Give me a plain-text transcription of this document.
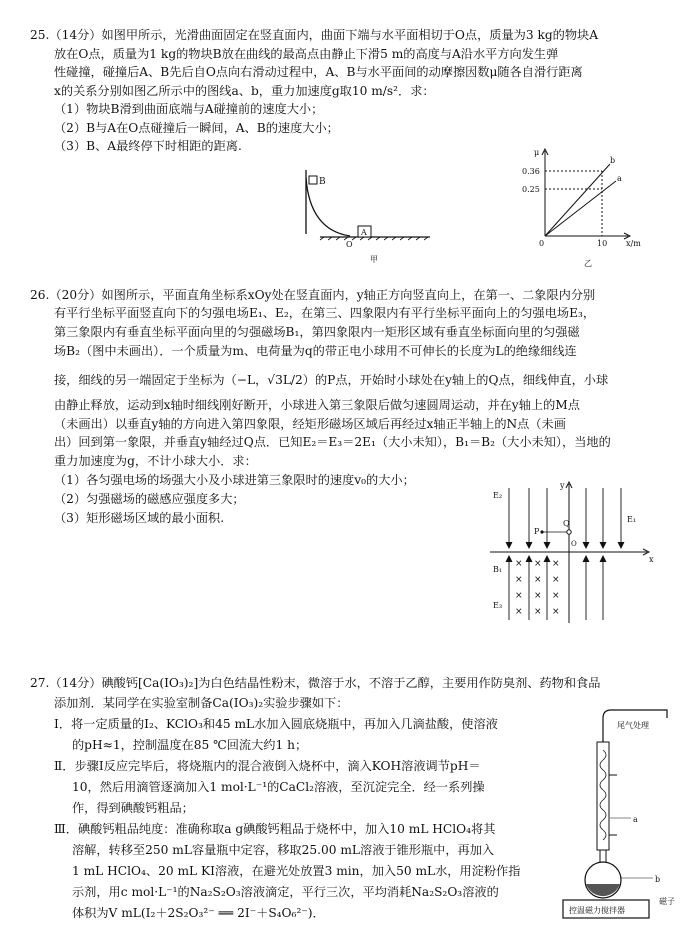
25.（14分）如图甲所示，光滑曲面固定在竖直面内，曲面下端与水平面相切于O点，质量为3 kg的物块A
放在O点，质量为1 kg的物块B放在曲线的最高点由静止下滑5 m的高度与A沿水平方向发生弹
性碰撞，碰撞后A、B先后自O点向右滑动过程中，A、B与水平面间的动摩擦因数μ随各自滑行距离
x的关系分别如图乙所示中的图线a、b，重力加速度g取10 m/s²．求：
（1）物块B滑到曲面底端与A碰撞前的速度大小；
（2）B与A在O点碰撞后一瞬间，A、B的速度大小；
（3）B、A最终停下时相距的距离.
B
A
O
甲
μ
x/m
0
0.36
0.25
10
b
a
乙
26.（20分）如图所示，平面直角坐标系xOy处在竖直面内，y轴正方向竖直向上，在第一、二象限内分别
有平行坐标平面竖直向下的匀强电场E₁、E₂，在第三、四象限内有平行坐标平面向上的匀强电场E₃，
第三象限内有垂直坐标平面向里的匀强磁场B₁，第四象限内一矩形区域有垂直坐标面向里的匀强磁
场B₂（图中未画出）．一个质量为m、电荷量为q的带正电小球用不可伸长的长度为L的绝缘细线连
接，细线的另一端固定于坐标为（−L，√3L/2）的P点，开始时小球处在y轴上的Q点，细线伸直，小球
由静止释放，运动到x轴时细线刚好断开，小球进入第三象限后做匀速圆周运动，并在y轴上的M点
（未画出）以垂直y轴的方向进入第四象限，经矩形磁场区域后再经过x轴正半轴上的N点（未画
出）回到第一象限，并垂直y轴经过Q点．已知E₂＝E₃＝2E₁（大小未知），B₁＝B₂（大小未知），当地的
重力加速度为g，不计小球大小．求：
（1）各匀强电场的场强大小及小球进第三象限时的速度v₀的大小；
（2）匀强磁场的磁感应强度多大；
（3）矩形磁场区域的最小面积.
x
y
E₂
E₁
P
Q
O
× × ×
× × ×
× × ×
× × ×
B₁
E₃
27.（14分）碘酸钙[Ca(IO₃)₂]为白色结晶性粉末，微溶于水，不溶于乙醇，主要用作防臭剂、药物和食品
添加剂．某同学在实验室制备Ca(IO₃)₂实验步骤如下：
Ⅰ．将一定质量的I₂、KClO₃和45 mL水加入圆底烧瓶中，再加入几滴盐酸，使溶液
的pH≈1，控制温度在85 ℃回流大约1 h；
Ⅱ．步骤Ⅰ反应完毕后，将烧瓶内的混合液倒入烧杯中，滴入KOH溶液调节pH＝
10，然后用滴管逐滴加入1 mol·L⁻¹的CaCl₂溶液，至沉淀完全．经一系列操
作，得到碘酸钙粗品；
Ⅲ．碘酸钙粗品纯度：准确称取a g碘酸钙粗品于烧杯中，加入10 mL HClO₄将其
溶解，转移至250 mL容量瓶中定容，移取25.00 mL溶液于锥形瓶中，再加入
1 mL HClO₄、20 mL KI溶液，在避光处放置3 min，加入50 mL水，用淀粉作指
示剂，用c mol·L⁻¹的Na₂S₂O₃溶液滴定，平行三次，平均消耗Na₂S₂O₃溶液的
体积为V mL(I₂＋2S₂O₃²⁻ ══ 2I⁻＋S₄O₆²⁻)．
尾气处理
a
b
磁子
控温磁力搅拌器
